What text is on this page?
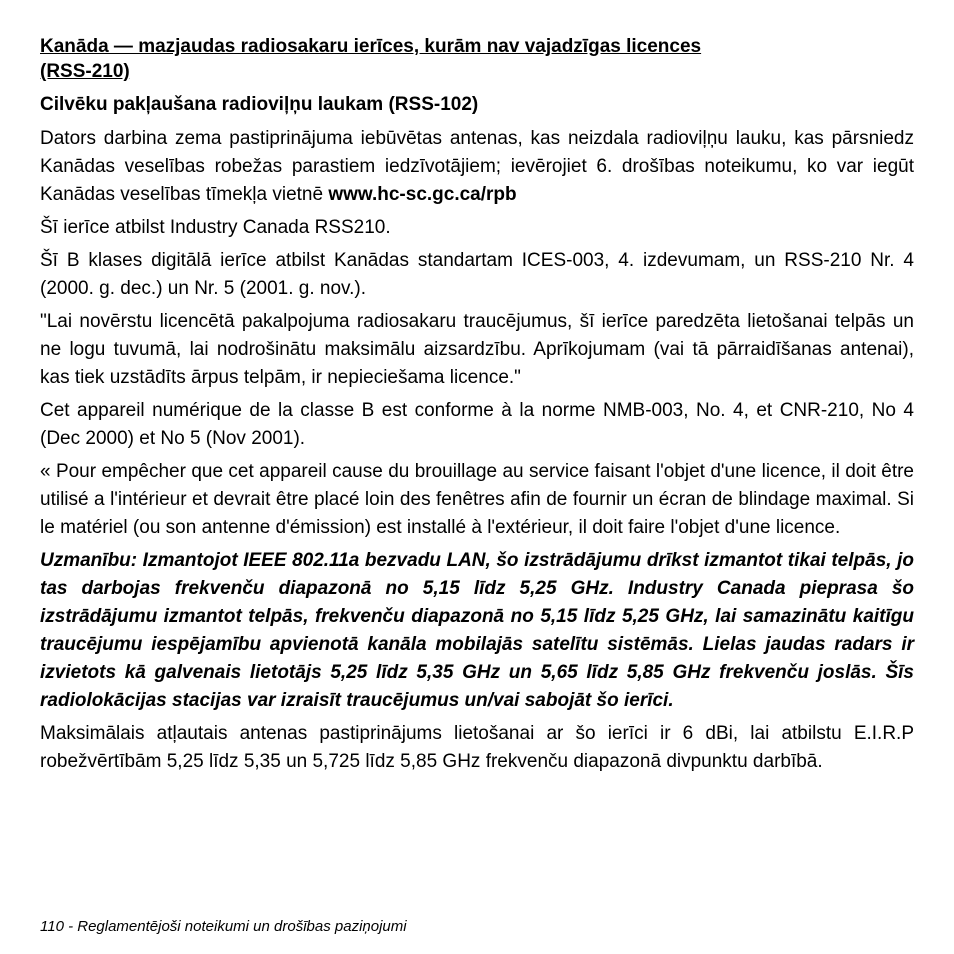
Kanāda — mazjaudas radiosakaru ierīces, kurām nav vajadzīgas licences
(RSS-210)
Cilvēku pakļaušana radioviļņu laukam (RSS-102)

Dators darbina zema pastiprinājuma iebūvētas antenas, kas neizdala radioviļņu lauku, kas pārsniedz Kanādas veselības robežas parastiem iedzīvotājiem; ievērojiet 6. drošības noteikumu, ko var iegūt Kanādas veselības tīmekļa vietnē www.hc-sc.gc.ca/rpb

Šī ierīce atbilst Industry Canada RSS210.

Šī B klases digitālā ierīce atbilst Kanādas standartam ICES-003, 4. izdevumam, un RSS-210 Nr. 4 (2000. g. dec.) un Nr. 5 (2001. g. nov.).

"Lai novērstu licencētā pakalpojuma radiosakaru traucējumus, šī ierīce paredzēta lietošanai telpās un ne logu tuvumā, lai nodrošinātu maksimālu aizsardzību. Aprīkojumam (vai tā pārraidīšanas antenai), kas tiek uzstādīts ārpus telpām, ir nepieciešama licence."

Cet appareil numérique de la classe B est conforme à la norme NMB-003, No. 4, et CNR-210, No 4 (Dec 2000) et No 5 (Nov 2001).

« Pour empêcher que cet appareil cause du brouillage au service faisant l'objet d'une licence, il doit être utilisé a l'intérieur et devrait être placé loin des fenêtres afin de fournir un écran de blindage maximal. Si le matériel (ou son antenne d'émission) est installé à l'extérieur, il doit faire l'objet d'une licence.

Uzmanību: Izmantojot IEEE 802.11a bezvadu LAN, šo izstrādājumu drīkst izmantot tikai telpās, jo tas darbojas frekvenču diapazonā no 5,15 līdz 5,25 GHz. Industry Canada pieprasa šo izstrādājumu izmantot telpās, frekvenču diapazonā no 5,15 līdz 5,25 GHz, lai samazinātu kaitīgu traucējumu iespējamību apvienotā kanāla mobilajās satelītu sistēmās. Lielas jaudas radars ir izvietots kā galvenais lietotājs 5,25 līdz 5,35 GHz un 5,65 līdz 5,85 GHz frekvenču joslās. Šīs radiolokācijas stacijas var izraisīt traucējumus un/vai sabojāt šo ierīci.

Maksimālais atļautais antenas pastiprinājums lietošanai ar šo ierīci ir 6 dBi, lai atbilstu E.I.R.P robežvērtībām 5,25 līdz 5,35 un 5,725 līdz 5,85 GHz frekvenču diapazonā divpunktu darbībā.

110 - Reglamentējoši noteikumi un drošības paziņojumi
